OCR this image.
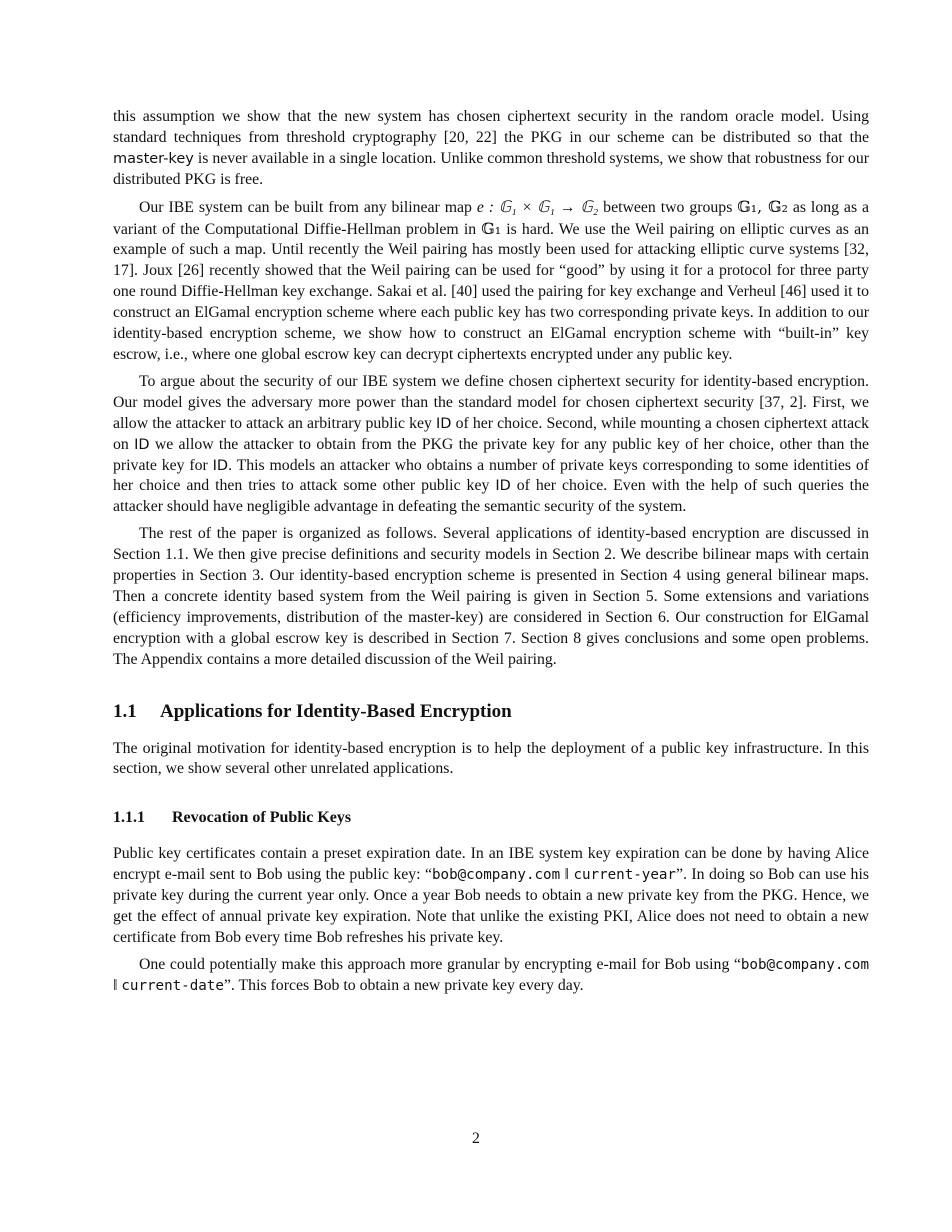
this assumption we show that the new system has chosen ciphertext security in the random oracle model. Using standard techniques from threshold cryptography [20, 22] the PKG in our scheme can be distributed so that the master-key is never available in a single location. Unlike common threshold systems, we show that robustness for our distributed PKG is free.

Our IBE system can be built from any bilinear map e : 𝔾₁ × 𝔾₁ → 𝔾₂ between two groups 𝔾₁, 𝔾₂ as long as a variant of the Computational Diffie-Hellman problem in 𝔾₁ is hard. We use the Weil pairing on elliptic curves as an example of such a map. Until recently the Weil pairing has mostly been used for attacking elliptic curve systems [32, 17]. Joux [26] recently showed that the Weil pairing can be used for “good” by using it for a protocol for three party one round Diffie-Hellman key exchange. Sakai et al. [40] used the pairing for key exchange and Verheul [46] used it to construct an ElGamal encryption scheme where each public key has two corresponding private keys. In addition to our identity-based encryption scheme, we show how to construct an ElGamal encryption scheme with “built-in” key escrow, i.e., where one global escrow key can decrypt ciphertexts encrypted under any public key.

To argue about the security of our IBE system we define chosen ciphertext security for identity-based encryption. Our model gives the adversary more power than the standard model for chosen ciphertext security [37, 2]. First, we allow the attacker to attack an arbitrary public key ID of her choice. Second, while mounting a chosen ciphertext attack on ID we allow the attacker to obtain from the PKG the private key for any public key of her choice, other than the private key for ID. This models an attacker who obtains a number of private keys corresponding to some identities of her choice and then tries to attack some other public key ID of her choice. Even with the help of such queries the attacker should have negligible advantage in defeating the semantic security of the system.

The rest of the paper is organized as follows. Several applications of identity-based encryption are discussed in Section 1.1. We then give precise definitions and security models in Section 2. We describe bilinear maps with certain properties in Section 3. Our identity-based encryption scheme is presented in Section 4 using general bilinear maps. Then a concrete identity based system from the Weil pairing is given in Section 5. Some extensions and variations (efficiency improvements, distribution of the master-key) are considered in Section 6. Our construction for ElGamal encryption with a global escrow key is described in Section 7. Section 8 gives conclusions and some open problems. The Appendix contains a more detailed discussion of the Weil pairing.

1.1 Applications for Identity-Based Encryption

The original motivation for identity-based encryption is to help the deployment of a public key infrastructure. In this section, we show several other unrelated applications.

1.1.1 Revocation of Public Keys

Public key certificates contain a preset expiration date. In an IBE system key expiration can be done by having Alice encrypt e-mail sent to Bob using the public key: “bob@company.com ‖ current-year”. In doing so Bob can use his private key during the current year only. Once a year Bob needs to obtain a new private key from the PKG. Hence, we get the effect of annual private key expiration. Note that unlike the existing PKI, Alice does not need to obtain a new certificate from Bob every time Bob refreshes his private key.

One could potentially make this approach more granular by encrypting e-mail for Bob using “bob@company.com ‖ current-date”. This forces Bob to obtain a new private key every day.

2
